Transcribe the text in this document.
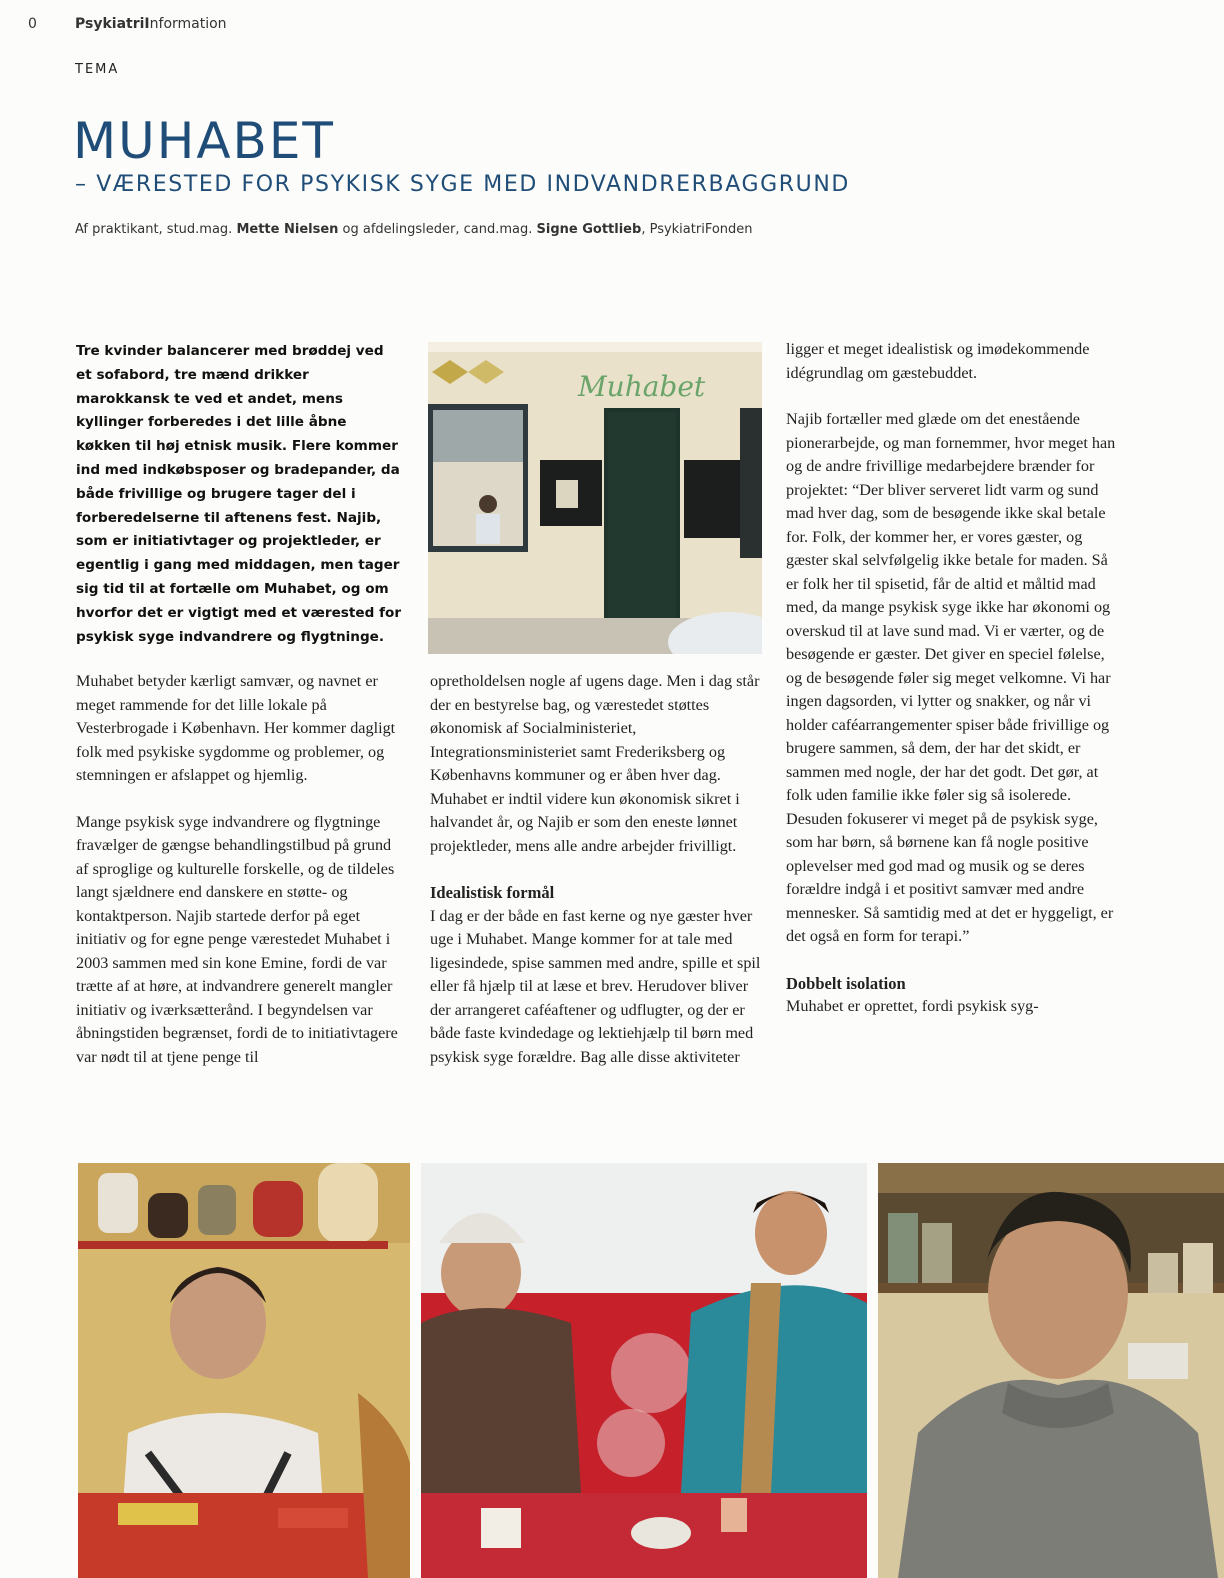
0	PsykiatriInformation
TEMA
MUHABET
– VÆRESTED FOR PSYKISK SYGE MED INDVANDRERBAGGRUND
Af praktikant, stud.mag. Mette Nielsen og afdelingsleder, cand.mag. Signe Gottlieb, PsykiatriFonden
Tre kvinder balancerer med brøddej ved et sofabord, tre mænd drikker marokkansk te ved et andet, mens kyllinger forberedes i det lille åbne køkken til høj etnisk musik. Flere kommer ind med indkøbsposer og bradepander, da både frivillige og brugere tager del i forberedelserne til aftenens fest. Najib, som er initiativtager og projektleder, er egentlig i gang med middagen, men tager sig tid til at fortælle om Muhabet, og om hvorfor det er vigtigt med et værested for psykisk syge indvandrere og flygtninge.
Muhabet

Muhabet betyder kærligt samvær, og navnet er meget rammende for det lille lokale på Vesterbrogade i København. Her kommer dagligt folk med psykiske sygdomme og problemer, og stemningen er afslappet og hjemlig.

Mange psykisk syge indvandrere og flygtninge fravælger de gængse behandlingstilbud på grund af sproglige og kulturelle forskelle, og de tildeles langt sjældnere end danskere en støtte- og kontaktperson. Najib startede derfor på eget initiativ og for egne penge værestedet Muhabet i 2003 sammen med sin kone Emine, fordi de var trætte af at høre, at indvandrere generelt mangler initiativ og iværksætterånd. I begyndelsen var åbningstiden begrænset, fordi de to initiativtagere var nødt til at tjene penge til

opretholdelsen nogle af ugens dage. Men i dag står der en bestyrelse bag, og værestedet støttes økonomisk af Socialministeriet, Integrationsministeriet samt Frederiksberg og Københavns kommuner og er åben hver dag. Muhabet er indtil videre kun økonomisk sikret i halvandet år, og Najib er som den eneste lønnet projektleder, mens alle andre arbejder frivilligt.

Idealistisk formål

I dag er der både en fast kerne og nye gæster hver uge i Muhabet. Mange kommer for at tale med ligesindede, spise sammen med andre, spille et spil eller få hjælp til at læse et brev. Herudover bliver der arrangeret caféaftener og udflugter, og der er både faste kvindedage og lektiehjælp til børn med psykisk syge forældre. Bag alle disse aktiviteter

ligger et meget idealistisk og imødekommende idégrundlag om gæstebuddet.

Najib fortæller med glæde om det enestående pionerarbejde, og man fornemmer, hvor meget han og de andre frivillige medarbejdere brænder for projektet: “Der bliver serveret lidt varm og sund mad hver dag, som de besøgende ikke skal betale for. Folk, der kommer her, er vores gæster, og gæster skal selvfølgelig ikke betale for maden. Så er folk her til spisetid, får de altid et måltid mad med, da mange psykisk syge ikke har økonomi og overskud til at lave sund mad. Vi er værter, og de besøgende er gæster. Det giver en speciel følelse, og de besøgende føler sig meget velkomne. Vi har ingen dagsorden, vi lytter og snakker, og når vi holder caféarrangementer spiser både frivillige og brugere sammen, så dem, der har det skidt, er sammen med nogle, der har det godt. Det gør, at folk uden familie ikke føler sig så isolerede. Desuden fokuserer vi meget på de psykisk syge, som har børn, så børnene kan få nogle positive oplevelser med god mad og musik og se deres forældre indgå i et positivt samvær med andre mennesker. Så samtidig med at det er hyggeligt, er det også en form for terapi.”

Dobbelt isolation

Muhabet er oprettet, fordi psykisk syg-
